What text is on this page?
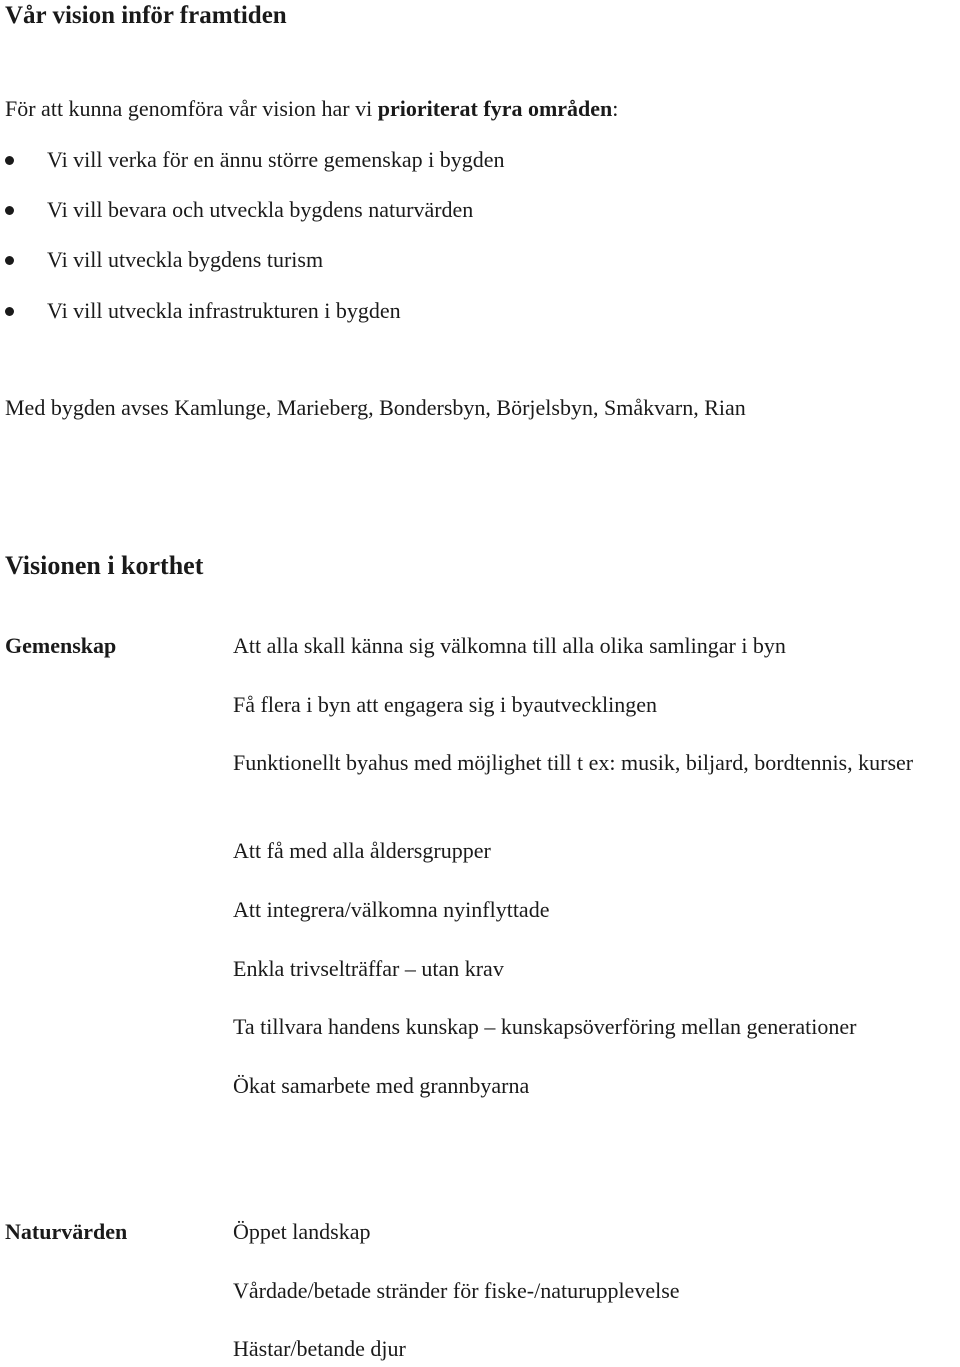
Vår vision inför framtiden
För att kunna genomföra vår vision har vi prioriterat fyra områden:
Vi vill verka för en ännu större gemenskap i bygden
Vi vill bevara och utveckla bygdens naturvärden
Vi vill utveckla bygdens turism
Vi vill utveckla infrastrukturen i bygden
Med bygden avses Kamlunge, Marieberg, Bondersbyn, Börjelsbyn, Småkvarn, Rian
Visionen i korthet
Gemenskap	Att alla skall känna sig välkomna till alla olika samlingar i byn
Få flera i byn att engagera sig i byautvecklingen
Funktionellt byahus med möjlighet till t ex: musik, biljard, bordtennis, kurser
Att få med alla åldersgrupper
Att integrera/välkomna nyinflyttade
Enkla trivselträffar – utan krav
Ta tillvara handens kunskap – kunskapsöverföring mellan generationer
Ökat samarbete med grannbyarna
Naturvärden	Öppet landskap
Vårdade/betade stränder för fiske-/naturupplevelse
Hästar/betande djur
